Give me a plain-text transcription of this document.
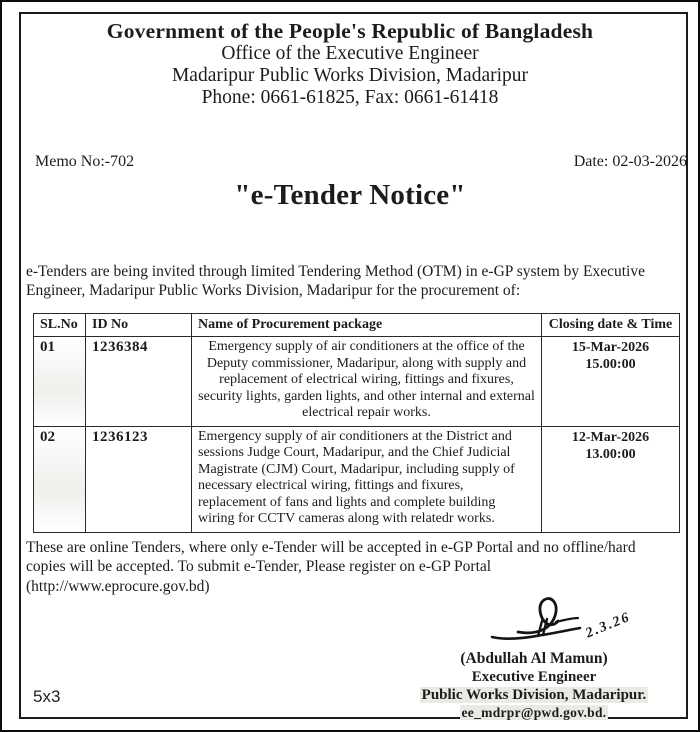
Government of the People's Republic of Bangladesh
Office of the Executive Engineer
Madaripur Public Works Division, Madaripur
Phone: 0661-61825, Fax: 0661-61418
Memo No:-702	Date: 02-03-2026
"e-Tender Notice"

e-Tenders are being invited through limited Tendering Method (OTM) in e-GP system by Executive Engineer, Madaripur Public Works Division, Madaripur for the procurement of:

SL.No	ID No	Name of Procurement package	Closing date & Time
01	1236384	Emergency supply of air conditioners at the office of the Deputy commissioner, Madaripur, along with supply and replacement of electrical wiring, fittings and fixures, security lights, garden lights, and other internal and external electrical repair works.	15-Mar-2026
15.00:00

02	1236123	Emergency supply of air conditioners at the District and sessions Judge Court, Madaripur, and the Chief Judicial Magistrate (CJM) Court, Madaripur, including supply of necessary electrical wiring, fittings and fixures, replacement of fans and lights and complete building wiring for CCTV cameras along with relatedr works.	12-Mar-2026
13.00:00

These are online Tenders, where only e-Tender will be accepted in e-GP Portal and no offline/hard copies will be accepted. To submit e-Tender, Please register on e-GP Portal (http://www.eprocure.gov.bd)

2.3.26
(Abdullah Al Mamun)
Executive Engineer
Public Works Division, Madaripur.
ee_mdrpr@pwd.gov.bd.
5x3
